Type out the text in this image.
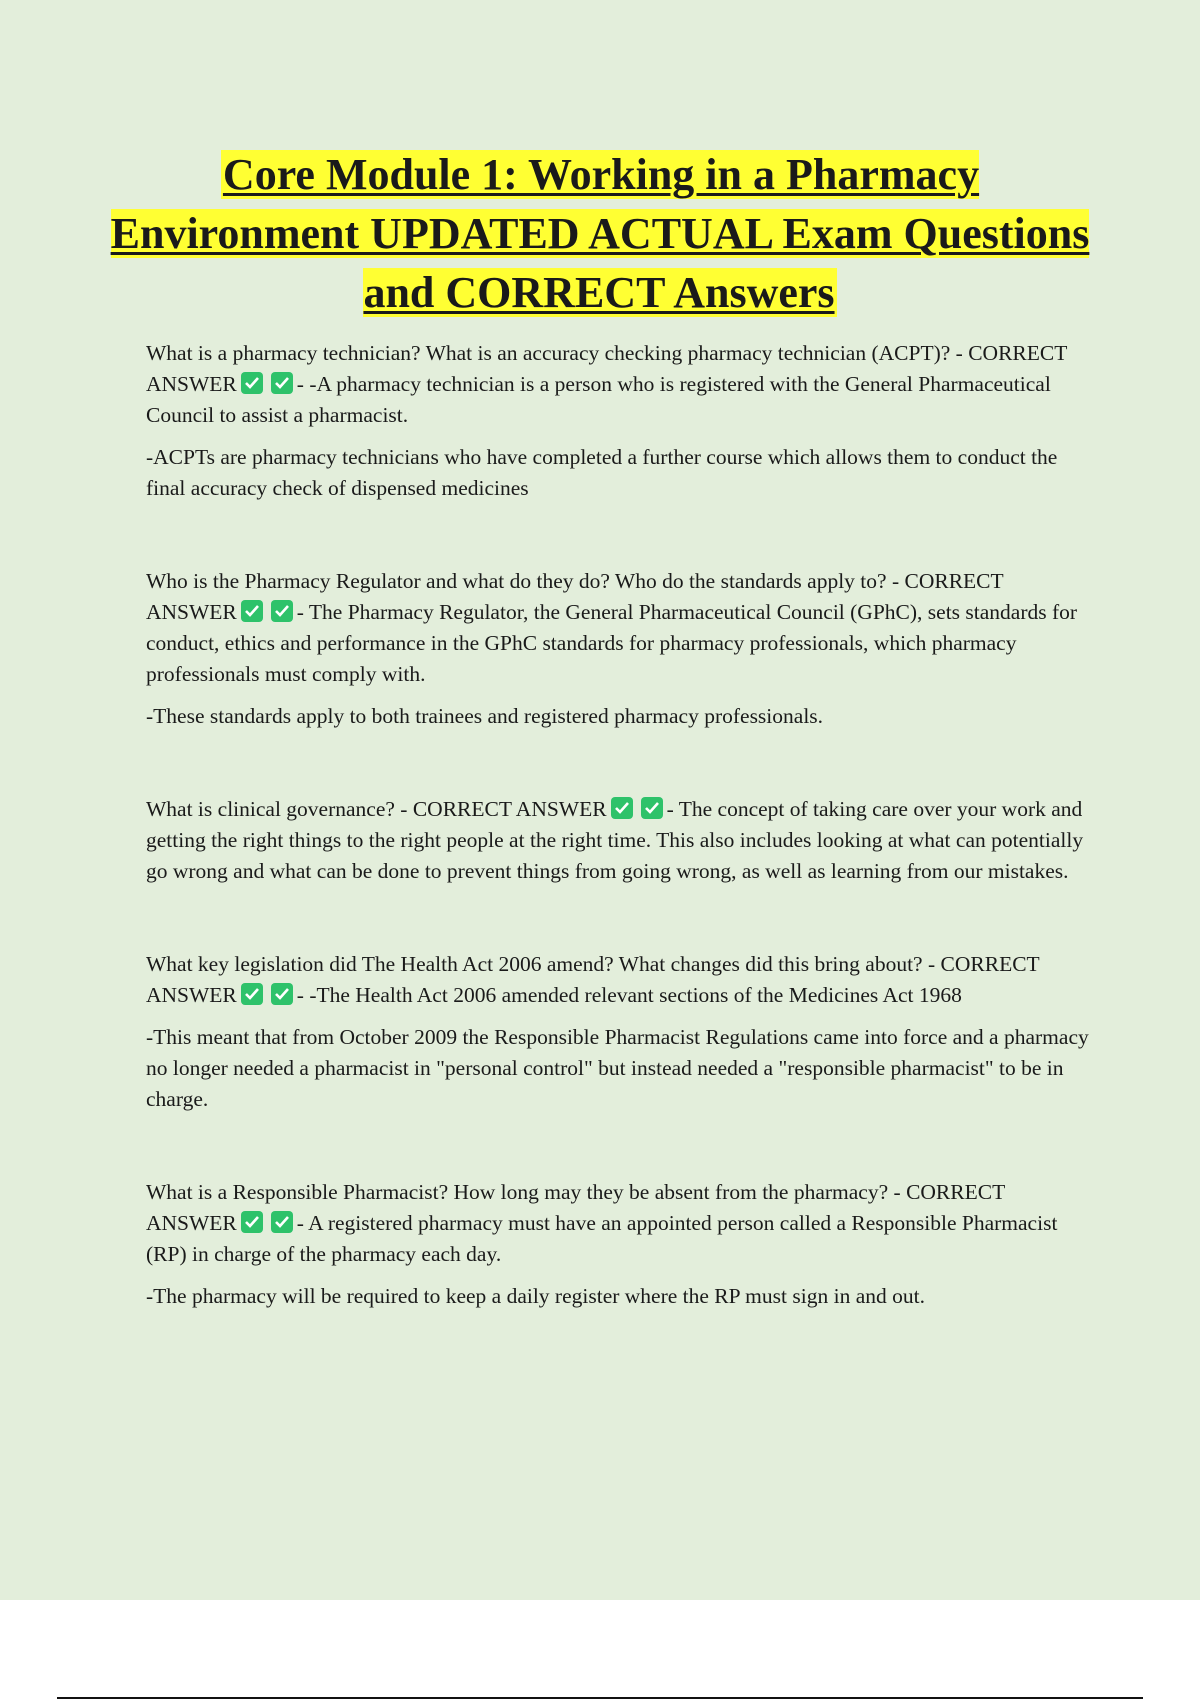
Core Module 1: Working in a Pharmacy Environment UPDATED ACTUAL Exam Questions and CORRECT Answers

What is a pharmacy technician? What is an accuracy checking pharmacy technician (ACPT)? - CORRECT ANSWER	- -A pharmacy technician is a person who is registered with the General Pharmaceutical Council to assist a pharmacist.

-ACPTs are pharmacy technicians who have completed a further course which allows them to conduct the final accuracy check of dispensed medicines

Who is the Pharmacy Regulator and what do they do? Who do the standards apply to? - CORRECT ANSWER	- The Pharmacy Regulator, the General Pharmaceutical Council (GPhC), sets standards for conduct, ethics and performance in the GPhC standards for pharmacy professionals, which pharmacy professionals must comply with.

-These standards apply to both trainees and registered pharmacy professionals.

What is clinical governance? - CORRECT ANSWER	- The concept of taking care over your work and getting the right things to the right people at the right time. This also includes looking at what can potentially go wrong and what can be done to prevent things from going wrong, as well as learning from our mistakes.

What key legislation did The Health Act 2006 amend? What changes did this bring about? - CORRECT ANSWER	- -The Health Act 2006 amended relevant sections of the Medicines Act 1968

-This meant that from October 2009 the Responsible Pharmacist Regulations came into force and a pharmacy no longer needed a pharmacist in "personal control" but instead needed a "responsible pharmacist" to be in charge.

What is a Responsible Pharmacist? How long may they be absent from the pharmacy? - CORRECT ANSWER	- A registered pharmacy must have an appointed person called a Responsible Pharmacist (RP) in charge of the pharmacy each day.

-The pharmacy will be required to keep a daily register where the RP must sign in and out.
